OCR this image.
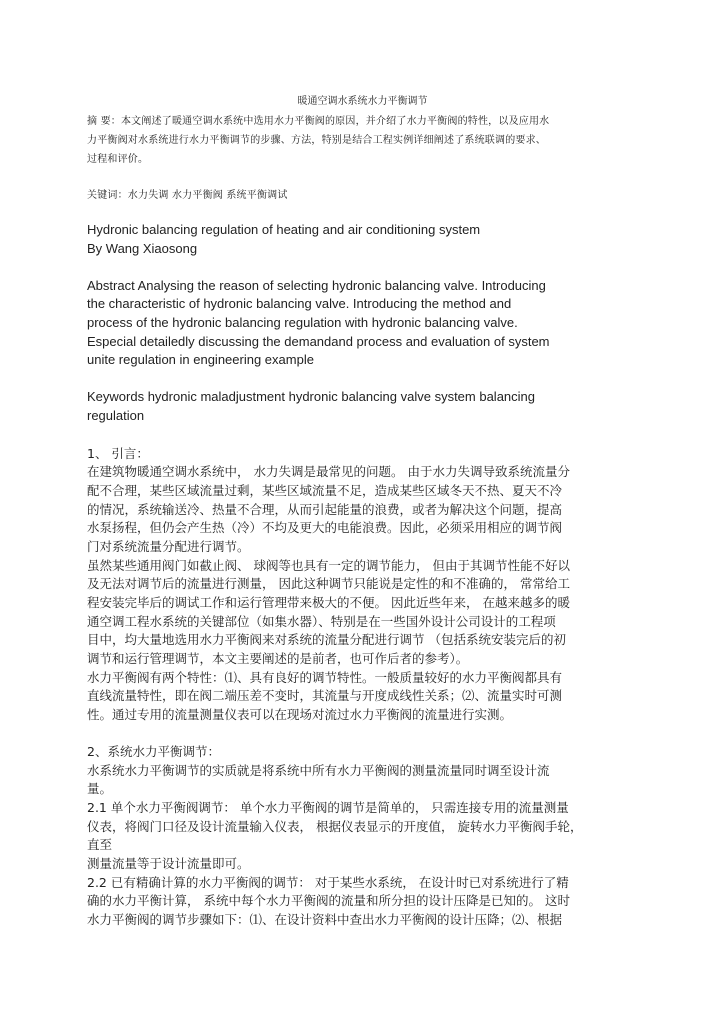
暖通空调水系统水力平衡调节
摘 要：本文阐述了暖通空调水系统中选用水力平衡阀的原因，并介绍了水力平衡阀的特性，以及应用水
力平衡阀对水系统进行水力平衡调节的步骤、方法，特别是结合工程实例详细阐述了系统联调的要求、
过程和评价。
关键词：水力失调 水力平衡阀 系统平衡调试
Hydronic balancing regulation of heating and air conditioning system
By Wang Xiaosong
Abstract Analysing the reason of selecting hydronic balancing valve. Introducing
the characteristic of hydronic balancing valve. Introducing the method and
process of the hydronic balancing regulation with hydronic balancing valve.
Especial detailedly discussing the demandand process and evaluation of system
unite regulation in engineering example
Keywords hydronic maladjustment hydronic balancing valve system balancing
regulation
1、 引言：
在建筑物暖通空调水系统中， 水力失调是最常见的问题。 由于水力失调导致系统流量分
配不合理，某些区域流量过剩，某些区域流量不足，造成某些区域冬天不热、夏天不冷
的情况，系统输送冷、热量不合理，从而引起能量的浪费，或者为解决这个问题，提高
水泵扬程，但仍会产生热（冷）不均及更大的电能浪费。因此，必须采用相应的调节阀
门对系统流量分配进行调节。
虽然某些通用阀门如截止阀、 球阀等也具有一定的调节能力， 但由于其调节性能不好以
及无法对调节后的流量进行测量， 因此这种调节只能说是定性的和不准确的， 常常给工
程安装完毕后的调试工作和运行管理带来极大的不便。 因此近些年来， 在越来越多的暖
通空调工程水系统的关键部位（如集水器）、特别是在一些国外设计公司设计的工程项
目中，均大量地选用水力平衡阀来对系统的流量分配进行调节 （包括系统安装完后的初
调节和运行管理调节，本文主要阐述的是前者，也可作后者的参考）。
水力平衡阀有两个特性：⑴、具有良好的调节特性。一般质量较好的水力平衡阀都具有
直线流量特性，即在阀二端压差不变时，其流量与开度成线性关系；⑵、流量实时可测
性。通过专用的流量测量仪表可以在现场对流过水力平衡阀的流量进行实测。
2、系统水力平衡调节：
水系统水力平衡调节的实质就是将系统中所有水力平衡阀的测量流量同时调至设计流
量。
2.1 单个水力平衡阀调节： 单个水力平衡阀的调节是简单的， 只需连接专用的流量测量
仪表，将阀门口径及设计流量输入仪表， 根据仪表显示的开度值， 旋转水力平衡阀手轮，
直至
测量流量等于设计流量即可。
2.2 已有精确计算的水力平衡阀的调节： 对于某些水系统， 在设计时已对系统进行了精
确的水力平衡计算， 系统中每个水力平衡阀的流量和所分担的设计压降是已知的。 这时
水力平衡阀的调节步骤如下：⑴、在设计资料中查出水力平衡阀的设计压降；⑵、根据
